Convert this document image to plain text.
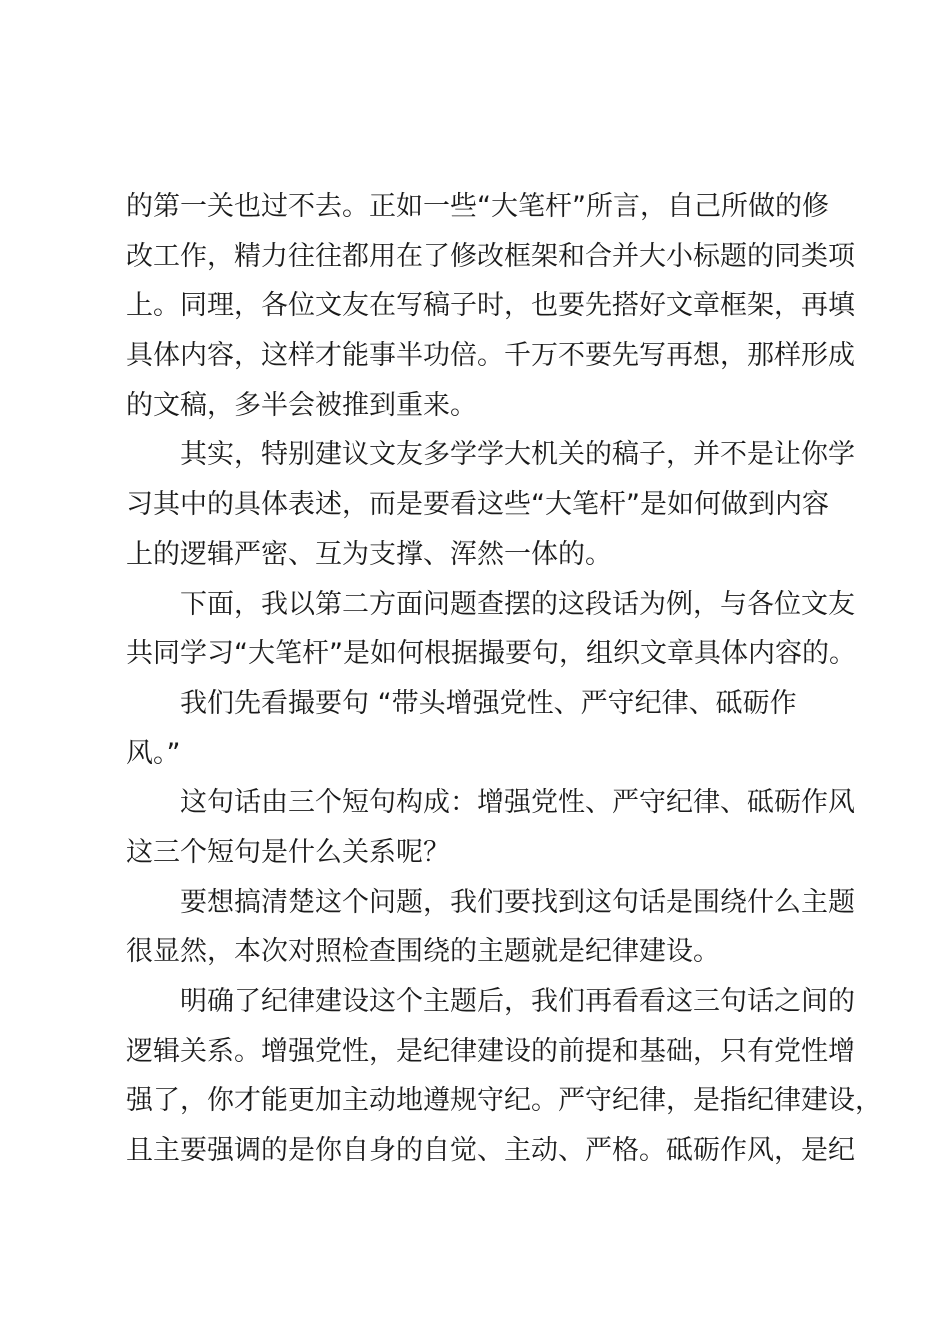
的第一关也过不去。正如一些“大笔杆”所言，自己所做的修
改工作，精力往往都用在了修改框架和合并大小标题的同类项
上。同理，各位文友在写稿子时，也要先搭好文章框架，再填
具体内容，这样才能事半功倍。千万不要先写再想，那样形成
的文稿，多半会被推到重来。
其实，特别建议文友多学学大机关的稿子，并不是让你学
习其中的具体表述，而是要看这些“大笔杆”是如何做到内容
上的逻辑严密、互为支撑、浑然一体的。
下面，我以第二方面问题查摆的这段话为例，与各位文友
共同学习“大笔杆”是如何根据撮要句，组织文章具体内容的。
我们先看撮要句 “带头增强党性、严守纪律、砥砺作
风。”
这句话由三个短句构成：增强党性、严守纪律、砥砺作风
这三个短句是什么关系呢？
要想搞清楚这个问题，我们要找到这句话是围绕什么主题
很显然，本次对照检查围绕的主题就是纪律建设。
明确了纪律建设这个主题后，我们再看看这三句话之间的
逻辑关系。增强党性，是纪律建设的前提和基础，只有党性增
强了，你才能更加主动地遵规守纪。严守纪律，是指纪律建设，
且主要强调的是你自身的自觉、主动、严格。砥砺作风，是纪
